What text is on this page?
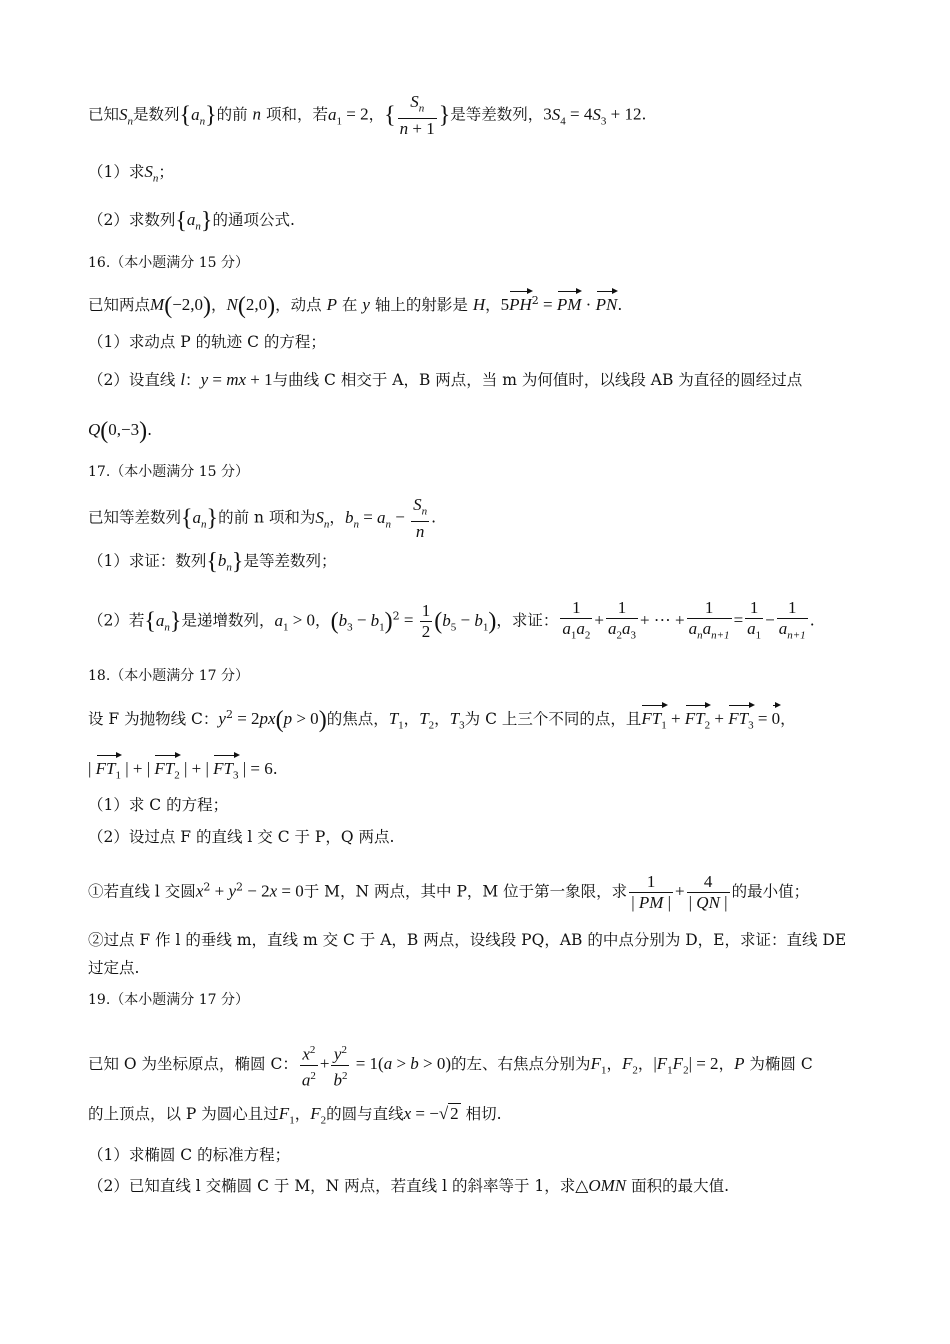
已知$S_n$是数列$\{a_n\}$的前 n 项和，若$a_1 = 2$，{ $\frac{S_n}{n + 1}$ }是等差数列，$3S_4 = 4S_3 + 12$.
（1）求$S_n$；
（2）求数列$\{a_n\}$的通项公式.
16.（本小题满分 15 分）
已知两点M(−2,0)，N(2,0)，动点 P 在 y 轴上的射影是 H，$5PH^2$ = PM · PN.
（1）求动点 P 的轨迹 C 的方程；
（2）设直线 l：y = mx + 1与曲线 C 相交于 A，B 两点，当 m 为何值时，以线段 AB 为直径的圆经过点
Q(0,−3).
17.（本小题满分 15 分）
已知等差数列$\{a_n\}$的前 n 项和为$S_n$，$b_n = a_n - \frac{S_n}{n}$ .
（1）求证：数列$\{b_n\}$是等差数列；
（2）若$\{a_n\}$是递增数列，$a_1 > 0$，$(b_3 - b_1)^2 = \frac{1}{2} (b_5 - b_1)$，求证： $\frac{1}{a_1a_2} + \frac{1}{a_2a_3}$ + ··· + $\frac{1}{a_na_{n+1}} = \frac{1}{a_1} - \frac{1}{a_{n+1}}$ .
18.（本小题满分 17 分）
设 F 为抛物线 C：$y^2 = 2px(p > 0)$的焦点，$T_1$，$T_2$，$T_3$为 C 上三个不同的点，且$FT_1 + FT_2 + FT_3 = 0$，
| $FT_1$ | + | $FT_2$ | + | $FT_3$ | = 6.
（1）求 C 的方程；
（2）设过点 F 的直线 l 交 C 于 P，Q 两点.
①若直线 l 交圆$x^2 + y^2 - 2x = 0$于 M，N 两点，其中 P，M 位于第一象限，求 $\frac{1}{| PM |} + \frac{4}{| QN |}$ 的最小值；
②过点 F 作 l 的垂线 m，直线 m 交 C 于 A，B 两点，设线段 PQ，AB 的中点分别为 D，E，求证：直线 DE
过定点.
19.（本小题满分 17 分）
已知 O 为坐标原点，椭圆 C： $\frac{x^2}{a^2} + \frac{y^2}{b^2} = 1(a > b > 0)$的左、右焦点分别为$F_1$，$F_2$，$|F_1F_2| = 2$，P 为椭圆 C
的上顶点，以 P 为圆心且过$F_1$，$F_2$的圆与直线x = −√ 2 相切.
（1）求椭圆 C 的标准方程；
（2）已知直线 l 交椭圆 C 于 M，N 两点，若直线 l 的斜率等于 1，求△OMN 面积的最大值.
